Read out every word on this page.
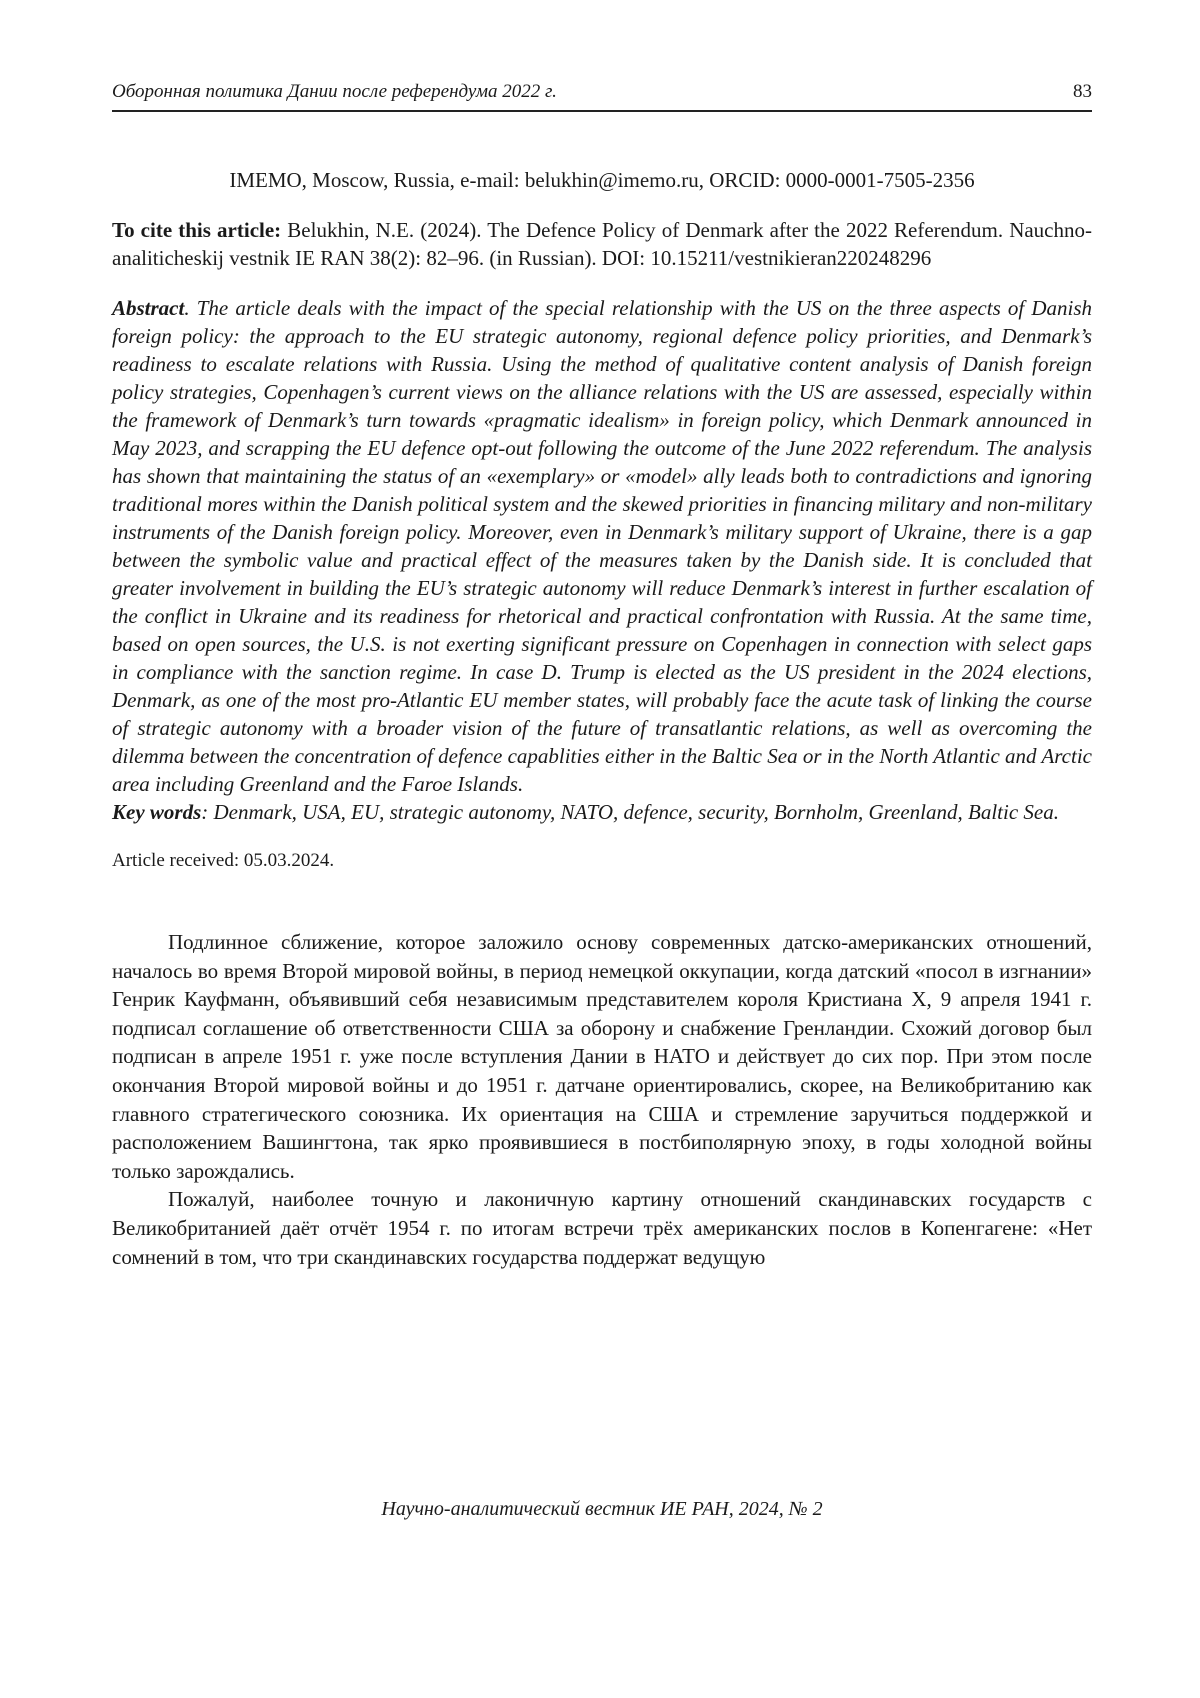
Оборонная политика Дании после референдума 2022 г.	83
IMEMO, Moscow, Russia, e-mail: belukhin@imemo.ru, ORCID: 0000-0001-7505-2356
To cite this article: Belukhin, N.E. (2024). The Defence Policy of Denmark after the 2022 Referendum. Nauchno-analiticheskij vestnik IE RAN 38(2): 82–96. (in Russian). DOI: 10.15211/vestnikieran220248296
Abstract. The article deals with the impact of the special relationship with the US on the three aspects of Danish foreign policy: the approach to the EU strategic autonomy, regional defence policy priorities, and Denmark’s readiness to escalate relations with Russia. Using the method of qualitative content analysis of Danish foreign policy strategies, Copenhagen’s current views on the alliance relations with the US are assessed, especially within the framework of Denmark’s turn towards «pragmatic idealism» in foreign policy, which Denmark announced in May 2023, and scrapping the EU defence opt-out following the outcome of the June 2022 referendum. The analysis has shown that maintaining the status of an «exemplary» or «model» ally leads both to contradictions and ignoring traditional mores within the Danish political system and the skewed priorities in financing military and non-military instruments of the Danish foreign policy. Moreover, even in Denmark’s military support of Ukraine, there is a gap between the symbolic value and practical effect of the measures taken by the Danish side. It is concluded that greater involvement in building the EU’s strategic autonomy will reduce Denmark’s interest in further escalation of the conflict in Ukraine and its readiness for rhetorical and practical confrontation with Russia. At the same time, based on open sources, the U.S. is not exerting significant pressure on Copenhagen in connection with select gaps in compliance with the sanction regime. In case D. Trump is elected as the US president in the 2024 elections, Denmark, as one of the most pro-Atlantic EU member states, will probably face the acute task of linking the course of strategic autonomy with a broader vision of the future of transatlantic relations, as well as overcoming the dilemma between the concentration of defence capablities either in the Baltic Sea or in the North Atlantic and Arctic area including Greenland and the Faroe Islands.
Key words: Denmark, USA, EU, strategic autonomy, NATO, defence, security, Bornholm, Greenland, Baltic Sea.
Article received: 05.03.2024.

Подлинное сближение, которое заложило основу современных датско-американских отношений, началось во время Второй мировой войны, в период немецкой оккупации, когда датский «посол в изгнании» Генрик Кауфманн, объявивший себя независимым представителем короля Кристиана X, 9 апреля 1941 г. подписал соглашение об ответственности США за оборону и снабжение Гренландии. Схожий договор был подписан в апреле 1951 г. уже после вступления Дании в НАТО и действует до сих пор. При этом после окончания Второй мировой войны и до 1951 г. датчане ориентировались, скорее, на Великобританию как главного стратегического союзника. Их ориентация на США и стремление заручиться поддержкой и расположением Вашингтона, так ярко проявившиеся в постбиполярную эпоху, в годы холодной войны только зарождались.

Пожалуй, наиболее точную и лаконичную картину отношений скандинавских государств с Великобританией даёт отчёт 1954 г. по итогам встречи трёх американских послов в Копенгагене: «Нет сомнений в том, что три скандинавских государства поддержат ведущую

Научно-аналитический вестник ИЕ РАН, 2024, № 2
